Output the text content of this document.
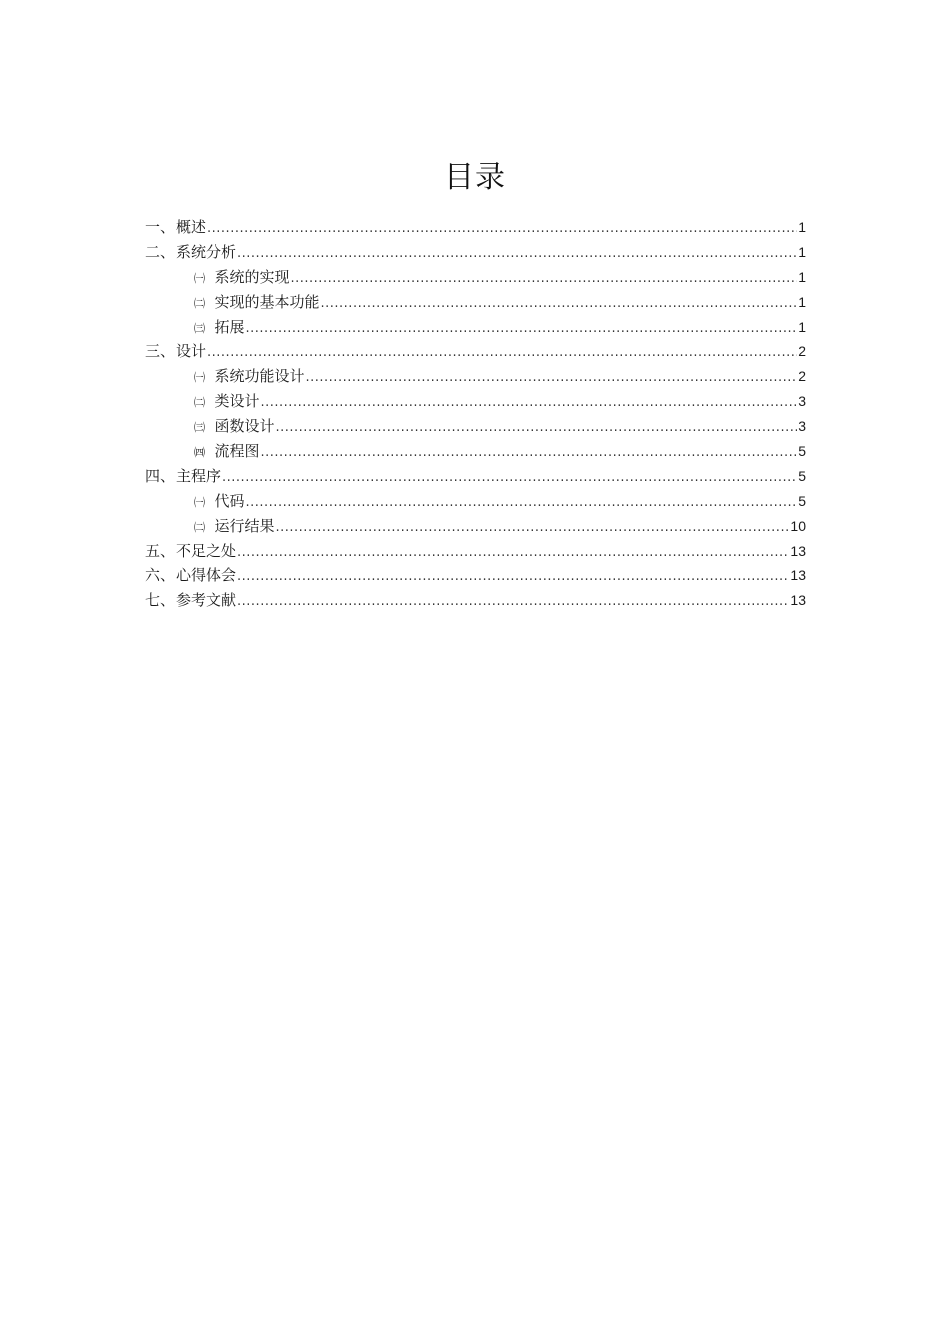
目录
一、 概述 .....	1
二、 系统分析 .....	1
㈠ 系统的实现 .....	1
㈡ 实现的基本功能 .....	1
㈢ 拓展 .....	1
三、 设计 .....	2
㈠ 系统功能设计 .....	2
㈡ 类设计 .....	3
㈢ 函数设计 .....	3
㈣ 流程图 .....	5
四、 主程序 .....	5
㈠ 代码 .....	5
㈡ 运行结果 .....	10
五、 不足之处 .....	13
六、 心得体会 .....	13
七、 参考文献 .....	13
